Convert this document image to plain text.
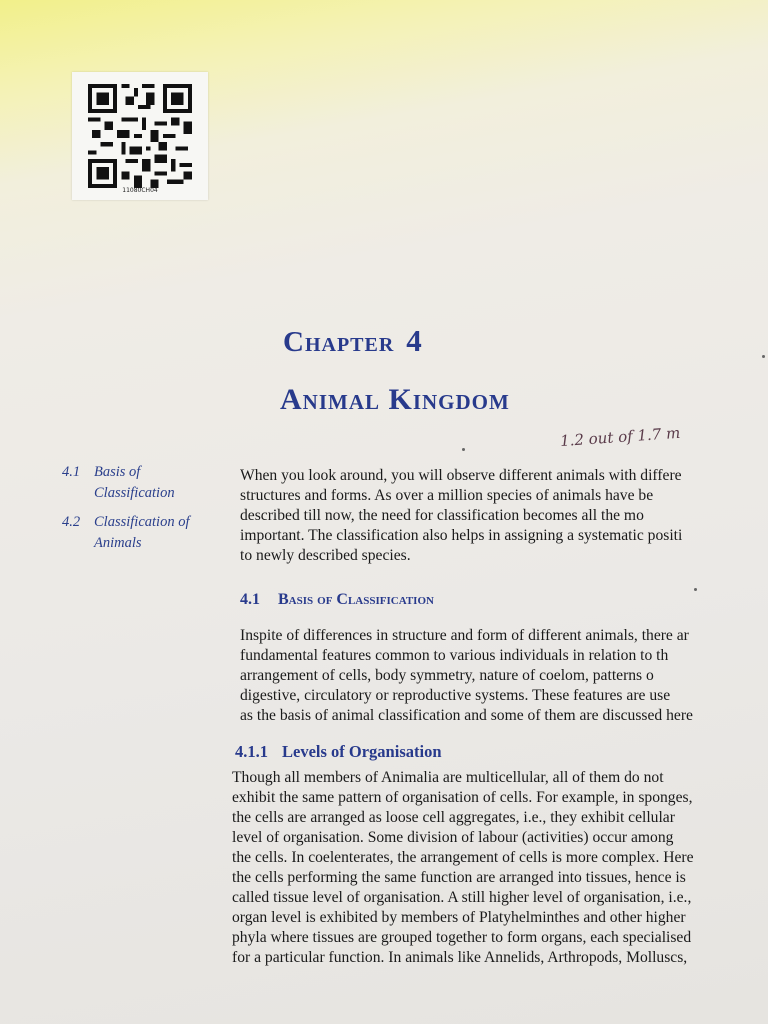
11080CH04
Chapter 4
Animal Kingdom
1.2 out of 1.7 m
4.1 Basis of
Classification
4.2 Classification of
Animals
When you look around, you will observe different animals with differe
structures and forms. As over a million species of animals have be
described till now, the need for classification becomes all the mo
important. The classification also helps in assigning a systematic positi
to newly described species.
4.1 Basis of Classification
Inspite of differences in structure and form of different animals, there ar
fundamental features common to various individuals in relation to th
arrangement of cells, body symmetry, nature of coelom, patterns o
digestive, circulatory or reproductive systems. These features are use
as the basis of animal classification and some of them are discussed here
4.1.1 Levels of Organisation
Though all members of Animalia are multicellular, all of them do not
exhibit the same pattern of organisation of cells. For example, in sponges,
the cells are arranged as loose cell aggregates, i.e., they exhibit cellular
level of organisation. Some division of labour (activities) occur among
the cells. In coelenterates, the arrangement of cells is more complex. Here
the cells performing the same function are arranged into tissues, hence is
called tissue level of organisation. A still higher level of organisation, i.e.,
organ level is exhibited by members of Platyhelminthes and other higher
phyla where tissues are grouped together to form organs, each specialised
for a particular function. In animals like Annelids, Arthropods, Molluscs,
